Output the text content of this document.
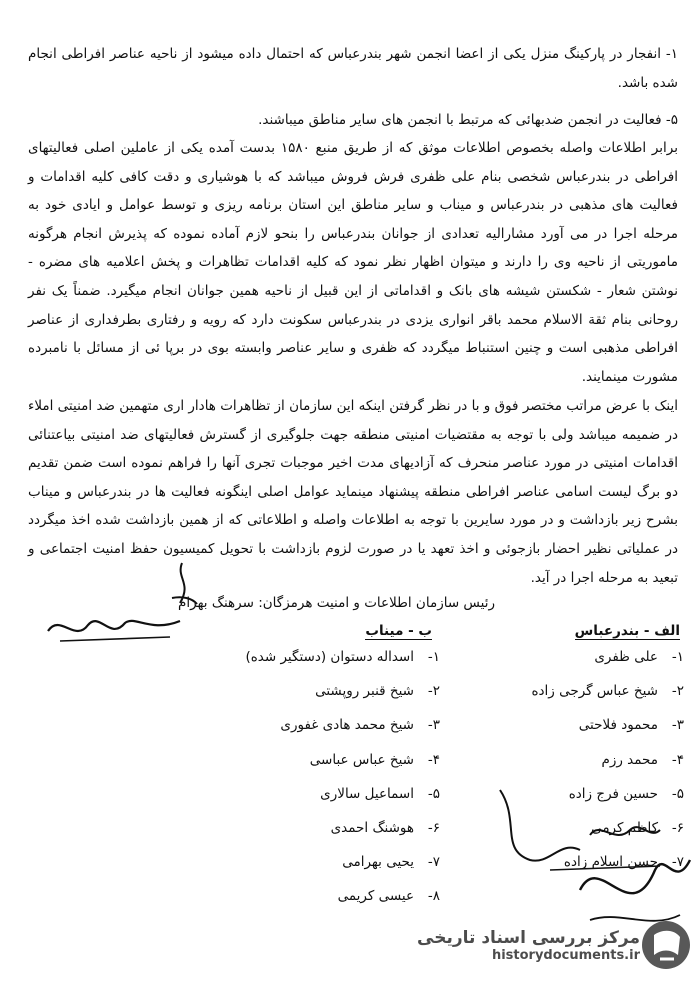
۱- انفجار در پارکینگ منزل یکی از اعضا انجمن شهر بندرعباس که احتمال داده میشود از ناحیه عناصر افراطی انجام شده باشد.
۵- فعالیت در انجمن ضدبهائی که مرتبط با انجمن های سایر مناطق میباشند.
برابر اطلاعات واصله بخصوص اطلاعات موثق که از طریق منبع ۱۵۸۰ بدست آمده یکی از عاملین اصلی فعالیتهای افراطی در بندرعباس شخصی بنام علی ظفری فرش فروش میباشد که با هوشیاری و دقت کافی کلیه اقدامات و فعالیت های مذهبی در بندرعباس و میناب و سایر مناطق این استان برنامه ریزی و توسط عوامل و ایادی خود به مرحله اجرا در می آورد مشارالیه تعدادی از جوانان بندرعباس را بنحو لازم آماده نموده که پذیرش انجام هرگونه ماموریتی از ناحیه وی را دارند و میتوان اظهار نظر نمود که کلیه اقدامات تظاهرات و پخش اعلامیه های مضره - نوشتن شعار - شکستن شیشه های بانک و اقداماتی از این قبیل از ناحیه همین جوانان انجام میگیرد. ضمناً یک نفر روحانی بنام ثقة الاسلام محمد باقر انواری یزدی در بندرعباس سکونت دارد که رویه و رفتاری بطرفداری از عناصر افراطی مذهبی است و چنین استنباط میگردد که ظفری و سایر عناصر وابسته بوی در برپا ئی از مسائل با نامبرده مشورت مینمایند.
اینک با عرض مراتب مختصر فوق و با در نظر گرفتن اینکه این سازمان از تظاهرات هادار اری متهمین ضد امنیتی املاء در ضمیمه میباشد ولی با توجه به مقتضیات امنیتی منطقه جهت جلوگیری از گسترش فعالیتهای ضد امنیتی بیاعتنائی اقدامات امنیتی در مورد عناصر منحرف که آزادیهای مدت اخیر موجبات تجری آنها را فراهم نموده است ضمن تقدیم دو برگ لیست اسامی عناصر افراطی منطقه پیشنهاد مینماید عوامل اصلی اینگونه فعالیت ها در بندرعباس و میناب بشرح زیر بازداشت و در مورد سایرین با توجه به اطلاعات واصله و اطلاعاتی که از همین بازداشت شده اخذ میگردد در عملیاتی نظیر احضار بازجوئی و اخذ تعهد یا در صورت لزوم بازداشت با تحویل کمیسیون حفظ امنیت اجتماعی و تبعید به مرحله اجرا در آید.
رئیس سازمان اطلاعات و امنیت هرمزگان: سرهنگ بهرام
الف - بندرعباس
ب - میناب
۱-علی ظفری
۲-شیخ عباس گرجی زاده
۳-محمود فلاحتی
۴-محمد رزم
۵-حسین فرج زاده
۶-کاظم کرمی
۷-حسن اسلام زاده
۱-اسداله دستوان (دستگیر شده)
۲-شیخ قنبر روپشتی
۳-شیخ محمد هادی غفوری
۴-شیخ عباس عباسی
۵-اسماعیل سالاری
۶-هوشنگ احمدی
۷-یحیی بهرامی
۸-عیسی کریمی
مرکز بررسی اسناد تاریخی
historydocuments.ir
